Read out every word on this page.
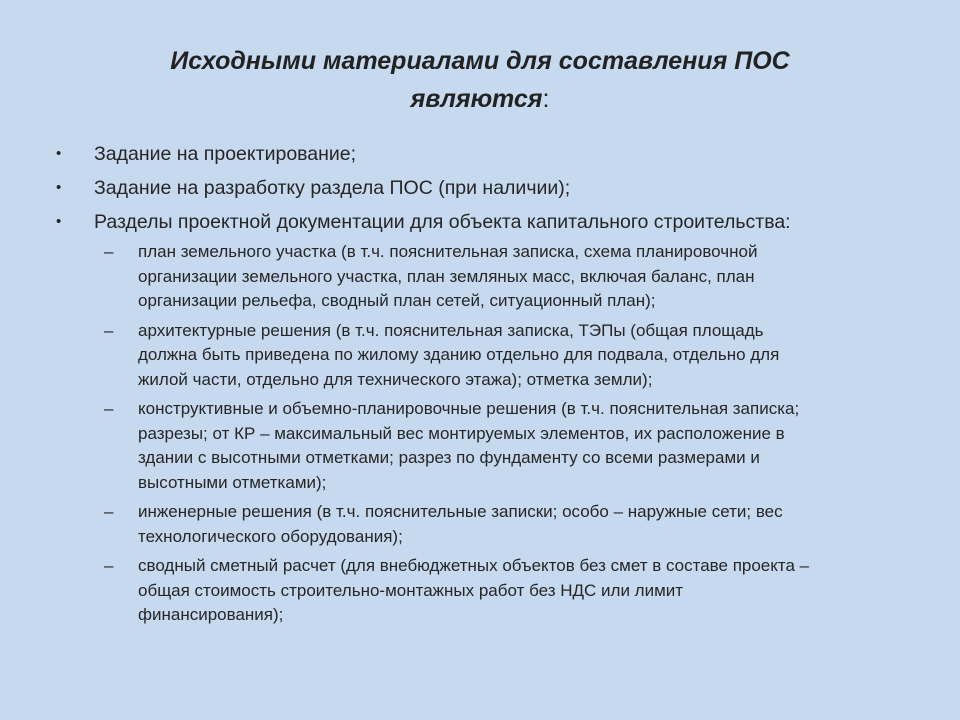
Исходными материалами для составления ПОС
являются:
• Задание на проектирование;
• Задание на разработку раздела ПОС (при наличии);
• Разделы проектной документации для объекта капитального строительства:
– план земельного участка (в т.ч. пояснительная записка, схема планировочной
организации земельного участка, план земляных масс, включая баланс, план
организации рельефа, сводный план сетей, ситуационный план);
– архитектурные решения (в т.ч. пояснительная записка, ТЭПы (общая площадь
должна быть приведена по жилому зданию отдельно для подвала, отдельно для
жилой части, отдельно для технического этажа); отметка земли);
– конструктивные и объемно-планировочные решения (в т.ч. пояснительная записка;
разрезы; от КР – максимальный вес монтируемых элементов, их расположение в
здании с высотными отметками; разрез по фундаменту со всеми размерами и
высотными отметками);
– инженерные решения (в т.ч. пояснительные записки; особо – наружные сети; вес
технологического оборудования);
– сводный сметный расчет (для внебюджетных объектов без смет в составе проекта –
общая стоимость строительно-монтажных работ без НДС или лимит
финансирования);
